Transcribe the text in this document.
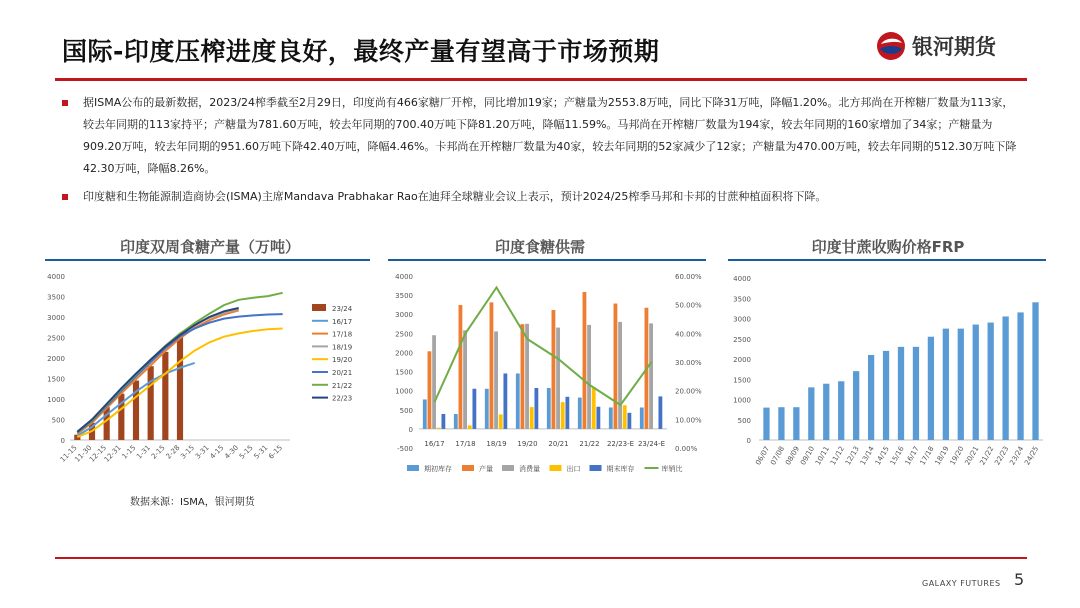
国际-印度压榨进度良好，最终产量有望高于市场预期	银河期货
据ISMA公布的最新数据，2023/24榨季截至2月29日，印度尚有466家糖厂开榨，同比增加19家；产糖量为2553.8万吨，同比下降31万吨，降幅1.20%。北方邦尚在开榨糖厂数量为113家，较去年同期的113家持平；产糖量为781.60万吨，较去年同期的700.40万吨下降81.20万吨，降幅11.59%。马邦尚在开榨糖厂数量为194家，较去年同期的160家增加了34家；产糖量为909.20万吨，较去年同期的951.60万吨下降42.40万吨，降幅4.46%。卡邦尚在开榨糖厂数量为40家，较去年同期的52家减少了12家；产糖量为470.00万吨，较去年同期的512.30万吨下降42.30万吨，降幅8.26%。
印度糖和生物能源制造商协会(ISMA)主席Mandava Prabhakar Rao在迪拜全球糖业会议上表示，预计2024/25榨季马邦和卡邦的甘蔗种植面积将下降。
印度双周食糖产量（万吨）
0
500
1000
1500
2000
2500
3000
3500
4000
11-15
11-30
12-15
12-31
1-15
1-31
2-15
2-28
3-15
3-31
4-15
4-30
5-15
5-31
6-15
23/24
16/17
17/18
18/19
19/20
20/21
21/22
22/23
印度食糖供需
-500
0
500
1000
1500
2000
2500
3000
3500
4000
0.00%
10.00%
20.00%
30.00%
40.00%
50.00%
60.00%
16/17 17/18 18/19 19/20 20/21 21/22 22/23-E 23/24-E
期初库存	产量	消费量	出口	期末库存	库销比
印度甘蔗收购价格FRP
0
500
1000
1500
2000
2500
3000
3500
4000
06/07
07/08
08/09
09/10
10/11
11/12
12/13
13/14
14/15
15/16
16/17
17/18
18/19
19/20
20/21
21/22
22/23
23/24
24/25
数据来源：ISMA，银河期货
GALAXY FUTURES 5
